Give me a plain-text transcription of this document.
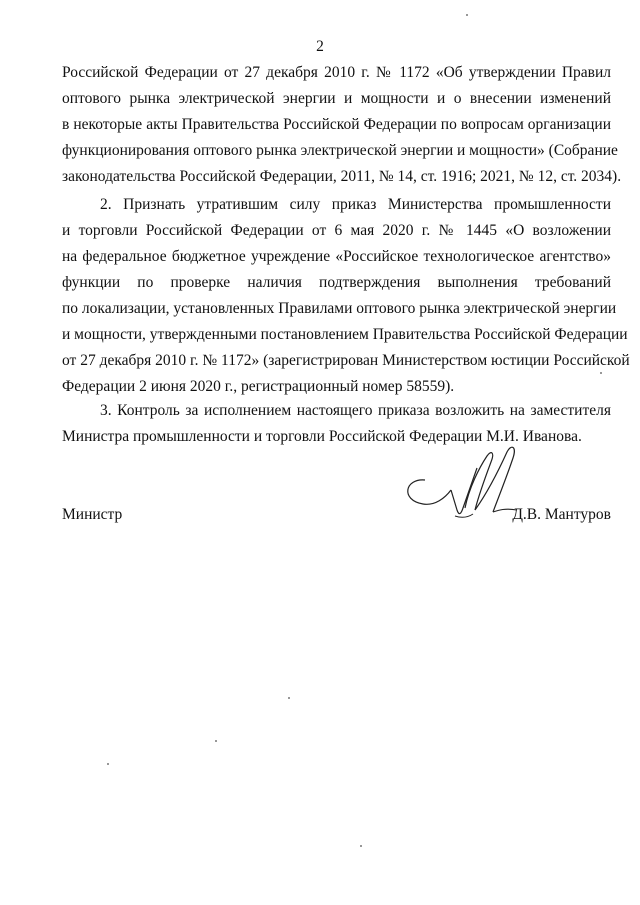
2
Российской Федерации от 27 декабря 2010 г. № 1172 «Об утверждении Правил
оптового рынка электрической энергии и мощности и о внесении изменений
в некоторые акты Правительства Российской Федерации по вопросам организации
функционирования оптового рынка электрической энергии и мощности» (Собрание
законодательства Российской Федерации, 2011, № 14, ст. 1916; 2021, № 12, ст. 2034).
2. Признать утратившим силу приказ Министерства промышленности
и торговли Российской Федерации от 6 мая 2020 г. № 1445 «О возложении
на федеральное бюджетное учреждение «Российское технологическое агентство»
функции по проверке наличия подтверждения выполнения требований
по локализации, установленных Правилами оптового рынка электрической энергии
и мощности, утвержденными постановлением Правительства Российской Федерации
от 27 декабря 2010 г. № 1172» (зарегистрирован Министерством юстиции Российской
Федерации 2 июня 2020 г., регистрационный номер 58559).
3. Контроль за исполнением настоящего приказа возложить на заместителя
Министра промышленности и торговли Российской Федерации М.И. Иванова.
Министр	Д.В. Мантуров
